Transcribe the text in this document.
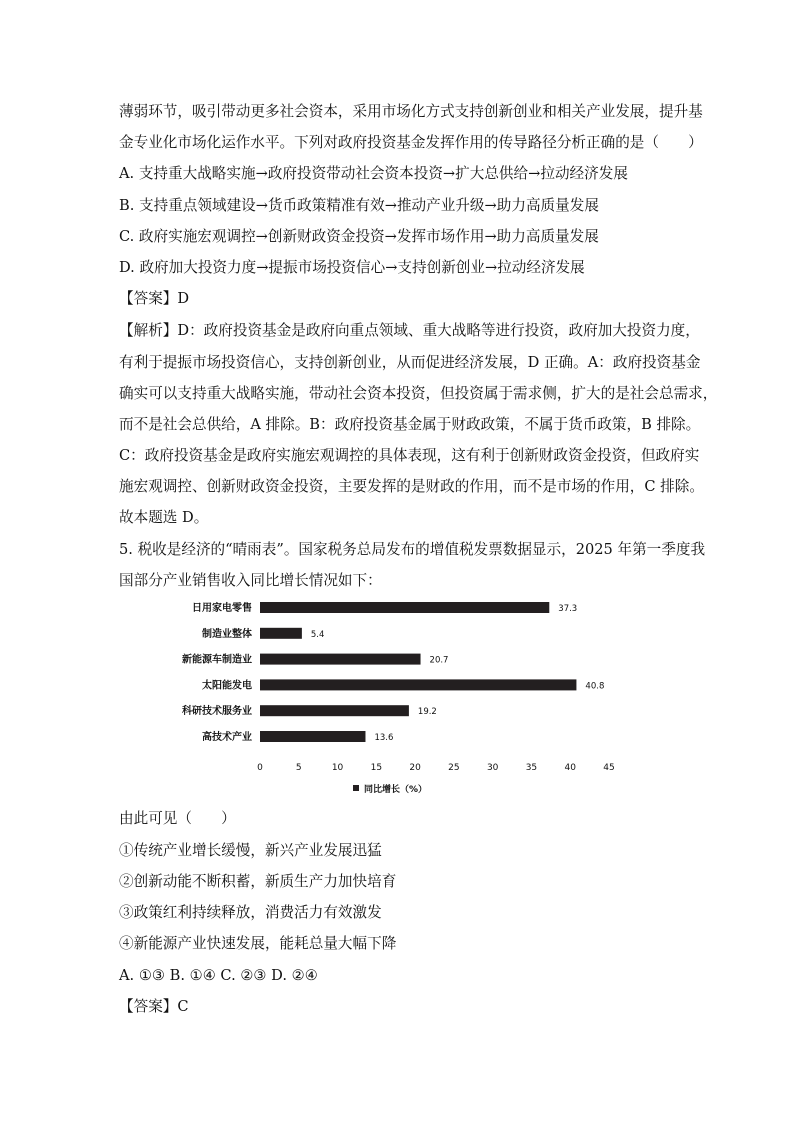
薄弱环节，吸引带动更多社会资本，采用市场化方式支持创新创业和相关产业发展，提升基

金专业化市场化运作水平。下列对政府投资基金发挥作用的传导路径分析正确的是（　　）

A. 支持重大战略实施→政府投资带动社会资本投资→扩大总供给→拉动经济发展

B. 支持重点领域建设→货币政策精准有效→推动产业升级→助力高质量发展

C. 政府实施宏观调控→创新财政资金投资→发挥市场作用→助力高质量发展

D. 政府加大投资力度→提振市场投资信心→支持创新创业→拉动经济发展

【答案】D

【解析】D：政府投资基金是政府向重点领域、重大战略等进行投资，政府加大投资力度，

有利于提振市场投资信心，支持创新创业，从而促进经济发展，D 正确。A：政府投资基金

确实可以支持重大战略实施，带动社会资本投资，但投资属于需求侧，扩大的是社会总需求，

而不是社会总供给，A 排除。B：政府投资基金属于财政政策，不属于货币政策，B 排除。

C：政府投资基金是政府实施宏观调控的具体表现，这有利于创新财政资金投资，但政府实

施宏观调控、创新财政资金投资，主要发挥的是财政的作用，而不是市场的作用，C 排除。

故本题选 D。

5. 税收是经济的“晴雨表”。国家税务总局发布的增值税发票数据显示，2025 年第一季度我

国部分产业销售收入同比增长情况如下：

日用家电零售	37.3
制造业整体	5.4
新能源车制造业	20.7
太阳能发电	40.8
科研技术服务业	19.2
高技术产业	13.6
0	5	10	15	20	25	30	35	40	45
同比增长（%）

由此可见（　　）

①传统产业增长缓慢，新兴产业发展迅猛

②创新动能不断积蓄，新质生产力加快培育

③政策红利持续释放，消费活力有效激发

④新能源产业快速发展，能耗总量大幅下降

A. ①③ B. ①④ C. ②③ D. ②④

【答案】C
